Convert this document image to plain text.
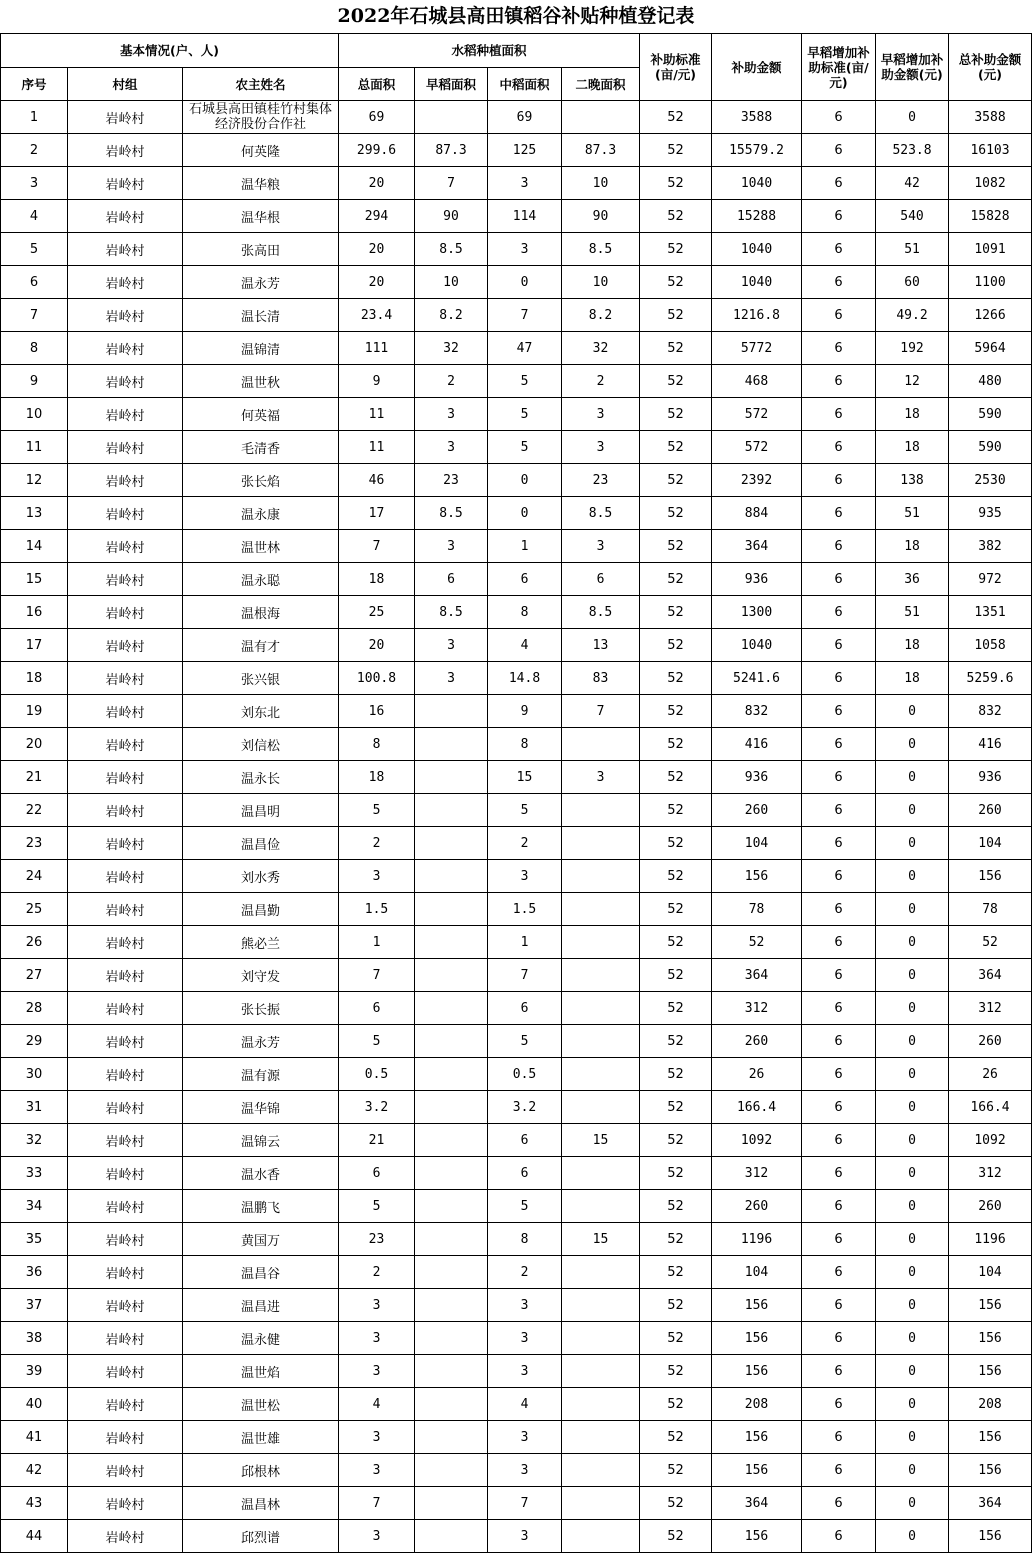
2022年石城县高田镇稻谷补贴种植登记表
基本情况(户、人)			水稻种植面积				补助标准(亩/元)	补助金额	早稻增加补助标准(亩/元)	早稻增加补助金额(元)	总补助金额(元)
序号	村组	农主姓名	总面积	早稻面积	中稻面积	二晚面积					
1	岩岭村	石城县高田镇桂竹村集体经济股份合作社	69		69		52	3588	6	0	3588
2	岩岭村	何英隆	299.6	87.3	125	87.3	52	15579.2	6	523.8	16103
3	岩岭村	温华粮	20	7	3	10	52	1040	6	42	1082
4	岩岭村	温华根	294	90	114	90	52	15288	6	540	15828
5	岩岭村	张高田	20	8.5	3	8.5	52	1040	6	51	1091
6	岩岭村	温永芳	20	10	0	10	52	1040	6	60	1100
7	岩岭村	温长清	23.4	8.2	7	8.2	52	1216.8	6	49.2	1266
8	岩岭村	温锦清	111	32	47	32	52	5772	6	192	5964
9	岩岭村	温世秋	9	2	5	2	52	468	6	12	480
10	岩岭村	何英福	11	3	5	3	52	572	6	18	590
11	岩岭村	毛清香	11	3	5	3	52	572	6	18	590
12	岩岭村	张长焰	46	23	0	23	52	2392	6	138	2530
13	岩岭村	温永康	17	8.5	0	8.5	52	884	6	51	935
14	岩岭村	温世林	7	3	1	3	52	364	6	18	382
15	岩岭村	温永聪	18	6	6	6	52	936	6	36	972
16	岩岭村	温根海	25	8.5	8	8.5	52	1300	6	51	1351
17	岩岭村	温有才	20	3	4	13	52	1040	6	18	1058
18	岩岭村	张兴银	100.8	3	14.8	83	52	5241.6	6	18	5259.6
19	岩岭村	刘东北	16		9	7	52	832	6	0	832
20	岩岭村	刘信松	8		8		52	416	6	0	416
21	岩岭村	温永长	18		15	3	52	936	6	0	936
22	岩岭村	温昌明	5		5		52	260	6	0	260
23	岩岭村	温昌俭	2		2		52	104	6	0	104
24	岩岭村	刘水秀	3		3		52	156	6	0	156
25	岩岭村	温昌勤	1.5		1.5		52	78	6	0	78
26	岩岭村	熊必兰	1		1		52	52	6	0	52
27	岩岭村	刘守发	7		7		52	364	6	0	364
28	岩岭村	张长振	6		6		52	312	6	0	312
29	岩岭村	温永芳	5		5		52	260	6	0	260
30	岩岭村	温有源	0.5		0.5		52	26	6	0	26
31	岩岭村	温华锦	3.2		3.2		52	166.4	6	0	166.4
32	岩岭村	温锦云	21		6	15	52	1092	6	0	1092
33	岩岭村	温水香	6		6		52	312	6	0	312
34	岩岭村	温鹏飞	5		5		52	260	6	0	260
35	岩岭村	黄国万	23		8	15	52	1196	6	0	1196
36	岩岭村	温昌谷	2		2		52	104	6	0	104
37	岩岭村	温昌进	3		3		52	156	6	0	156
38	岩岭村	温永健	3		3		52	156	6	0	156
39	岩岭村	温世焰	3		3		52	156	6	0	156
40	岩岭村	温世松	4		4		52	208	6	0	208
41	岩岭村	温世雄	3		3		52	156	6	0	156
42	岩岭村	邱根林	3		3		52	156	6	0	156
43	岩岭村	温昌林	7		7		52	364	6	0	364
44	岩岭村	邱烈谱	3		3		52	156	6	0	156
